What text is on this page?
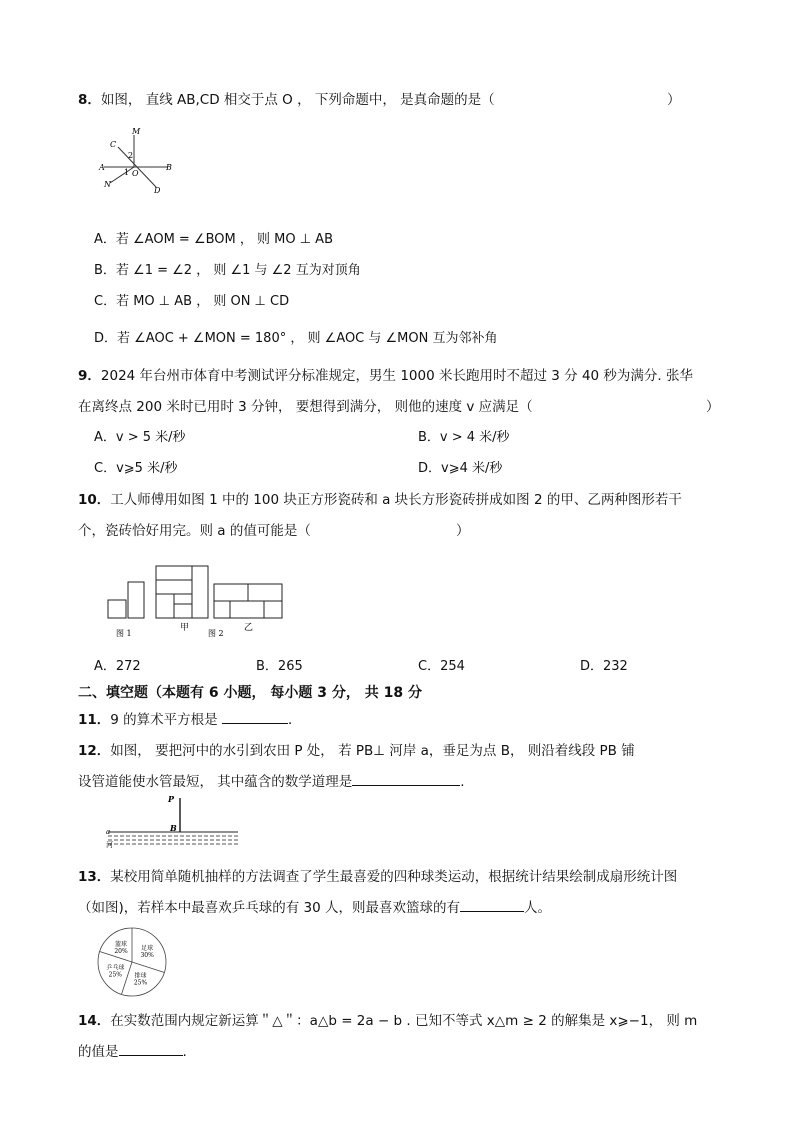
8．如图， 直线 AB,CD 相交于点 O ， 下列命题中， 是真命题的是（	）
M
C
2
A	B
1 O
N
D
A．若 ∠AOM = ∠BOM ， 则 MO ⊥ AB
B．若 ∠1 = ∠2 ， 则 ∠1 与 ∠2 互为对顶角
C．若 MO ⊥ AB ， 则 ON ⊥ CD
D．若 ∠AOC + ∠MON = 180° ， 则 ∠AOC 与 ∠MON 互为邻补角
9．2024 年台州市体育中考测试评分标准规定，男生 1000 米长跑用时不超过 3 分 40 秒为满分. 张华
在离终点 200 米时已用时 3 分钟， 要想得到满分， 则他的速度 v 应满足（	）
A．v > 5 米/秒	B．v > 4 米/秒
C．v⩾5 米/秒	D．v⩾4 米/秒
10．工人师傅用如图 1 中的 100 块正方形瓷砖和 a 块长方形瓷砖拼成如图 2 的甲、乙两种图形若干
个，瓷砖恰好用完。则 a 的值可能是（	）
图 1
甲
图 2
乙
A．272	B．265	C．254	D．232
二、填空题（本题有 6 小题， 每小题 3 分， 共 18 分
11．9 的算术平方根是	．
12．如图， 要把河中的水引到农田 P 处， 若 PB⊥ 河岸 a，垂足为点 B， 则沿着线段 PB 铺
设管道能使水管最短， 其中蕴含的数学道理是	.
P
B
a
河
13．某校用简单随机抽样的方法调查了学生最喜爱的四种球类运动，根据统计结果绘制成扇形统计图
（如图)，若样本中最喜欢乒乓球的有 30 人，则最喜欢篮球的有	人。
足球
30%
排球
25%
乒乓球
25%
篮球
20%
14．在实数范围内规定新运算＂△＂：a△b = 2a − b . 已知不等式 x△m ≥ 2 的解集是 x⩾−1， 则 m
的值是	.
